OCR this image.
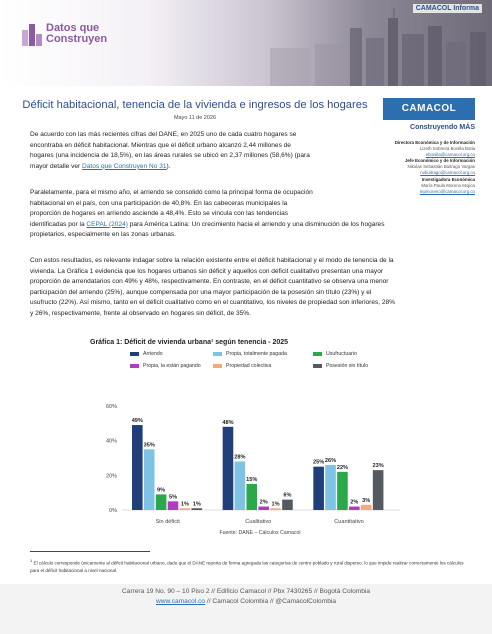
Datos que
Construyen
CAMACOL Informa
Déficit habitacional, tenencia de la vivienda e ingresos de los hogares
Mayo 11 de 2026
CAMACOL
Construyendo MÁS
Directora Económica y de Información
Lizeth Sobreira Bonilla Botia
ebonilla@camacol.org.co
Jefe Económico y de Información
Nikolas Sebastián Buitrago Vargas
nvbuitrago@camacol.org.co
Investigadora Económica
María Paula Moreno Mojica
mpmoreno@camacol.org.co
De acuerdo con las más recientes cifras del DANE, en 2025 uno de cada cuatro hogares se
encontraba en déficit habitacional. Mientras que el déficit urbano alcanzó 2,44 millones de
hogares (una incidencia de 18,5%), en las áreas rurales se ubicó en 2,37 millones (58,6%) (para
mayor detalle ver Datos que Construyen No 31).
Paralelamente, para el mismo año, el arriendo se consolidó como la principal forma de ocupación
habitacional en el país, con una participación de 40,8%. En las cabeceras municipales la
proporción de hogares en arriendo asciende a 48,4%. Esto se vincula con las tendencias
identificadas por la CEPAL (2024) para América Latina: Un crecimiento hacia el arriendo y una disminución de los hogares
propietarios, especialmente en las zonas urbanas.
Con estos resultados, es relevante indagar sobre la relación existente entre el déficit habitacional y el modo de tenencia de la
vivienda. La Gráfica 1 evidencia que los hogares urbanos sin déficit y aquellos con déficit cualitativo presentan una mayor
proporción de arrendatarios con 49% y 48%, respectivamente. En contraste, en el déficit cuantitativo se observa una menor
participación del arriendo (25%), aunque compensada por una mayor participación de la posesión sin título (23%) y el
usufructo (22%). Así mismo, tanto en el déficit cualitativo como en el cuantitativo, los niveles de propiedad son inferiores, 28%
y 26%, respectivamente, frente al observado en hogares sin déficit, de 35%.
Gráfica 1: Déficit de vivienda urbana¹ según tenencia - 2025
Arriendo	Propia, totalmente pagada	Usufructuario
Propia, la están pagando	Propiedad colectiva	Posesión sin título
0%
20%
40%
60%
49%
35%
9%
5%
1% 1%
Sin déficit
48%
28%
15%
2% 1%
6%
Cualitativo
25% 26%
22%
2% 3%
23%
Cuantitativo
Fuente: DANE – Cálculos Camacol
$^1$ El cálculo corresponde únicamente al déficit habitacional urbano, dado que el DANE reporta de forma agregada las categorías de centro poblado y rural disperso, lo que impide realizar correctamente los cálculos para el déficit habitacional a nivel nacional.
Carrera 19 No. 90 – 10 Piso 2 // Edificio Camacol // Pbx 7430265 // Bogotá Colombia
www.camacol.co // Camacol Colombia // @CamacolColombia
